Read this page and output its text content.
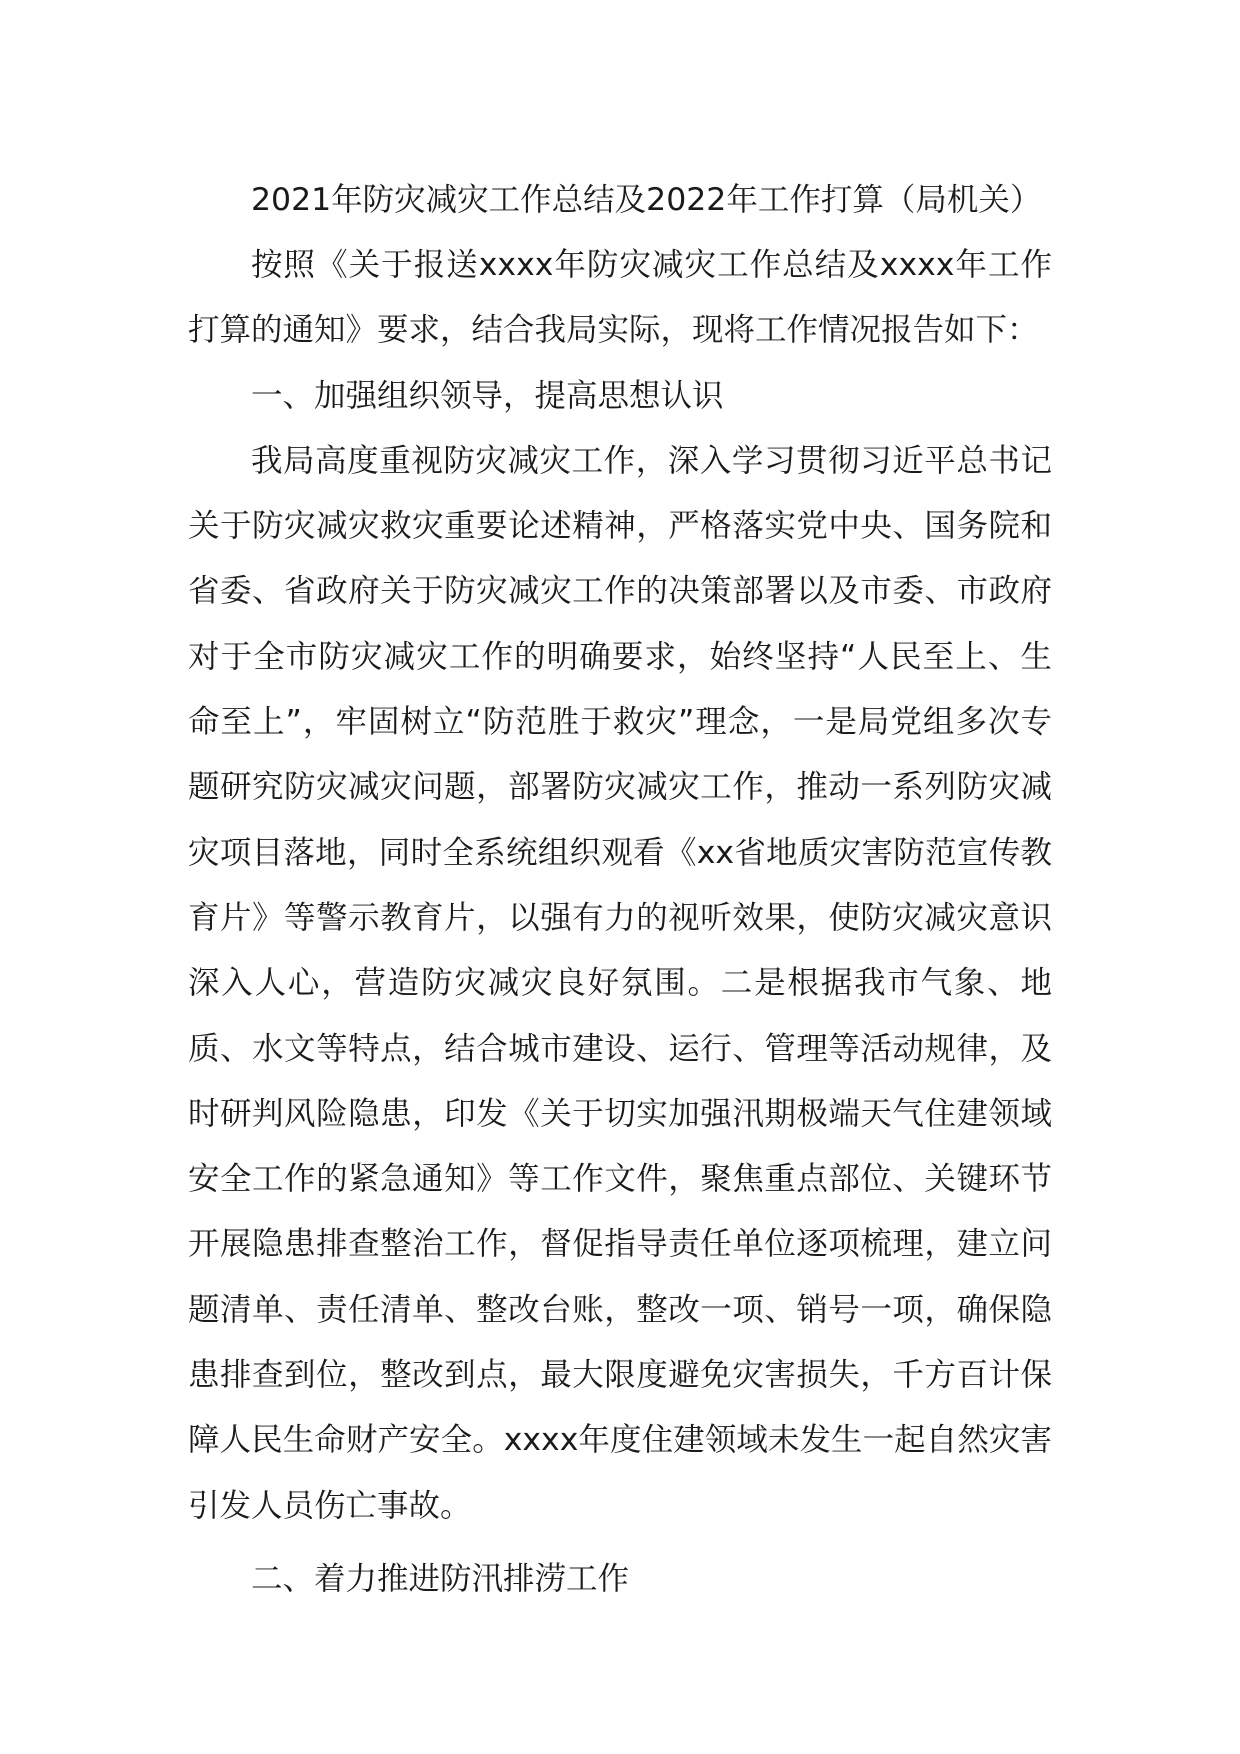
2021年防灾减灾工作总结及2022年工作打算（局机关）

按照《关于报送xxxx年防灾减灾工作总结及xxxx年工作打算的通知》要求，结合我局实际，现将工作情况报告如下：

一、加强组织领导，提高思想认识

我局高度重视防灾减灾工作，深入学习贯彻习近平总书记关于防灾减灾救灾重要论述精神，严格落实党中央、国务院和省委、省政府关于防灾减灾工作的决策部署以及市委、市政府对于全市防灾减灾工作的明确要求，始终坚持“人民至上、生命至上”，牢固树立“防范胜于救灾”理念，一是局党组多次专题研究防灾减灾问题，部署防灾减灾工作，推动一系列防灾减灾项目落地，同时全系统组织观看《xx省地质灾害防范宣传教育片》等警示教育片，以强有力的视听效果，使防灾减灾意识深入人心，营造防灾减灾良好氛围。二是根据我市气象、地质、水文等特点，结合城市建设、运行、管理等活动规律，及时研判风险隐患，印发《关于切实加强汛期极端天气住建领域安全工作的紧急通知》等工作文件，聚焦重点部位、关键环节开展隐患排查整治工作，督促指导责任单位逐项梳理，建立问题清单、责任清单、整改台账，整改一项、销号一项，确保隐患排查到位，整改到点，最大限度避免灾害损失，千方百计保障人民生命财产安全。xxxx年度住建领域未发生一起自然灾害引发人员伤亡事故。

二、着力推进防汛排涝工作
